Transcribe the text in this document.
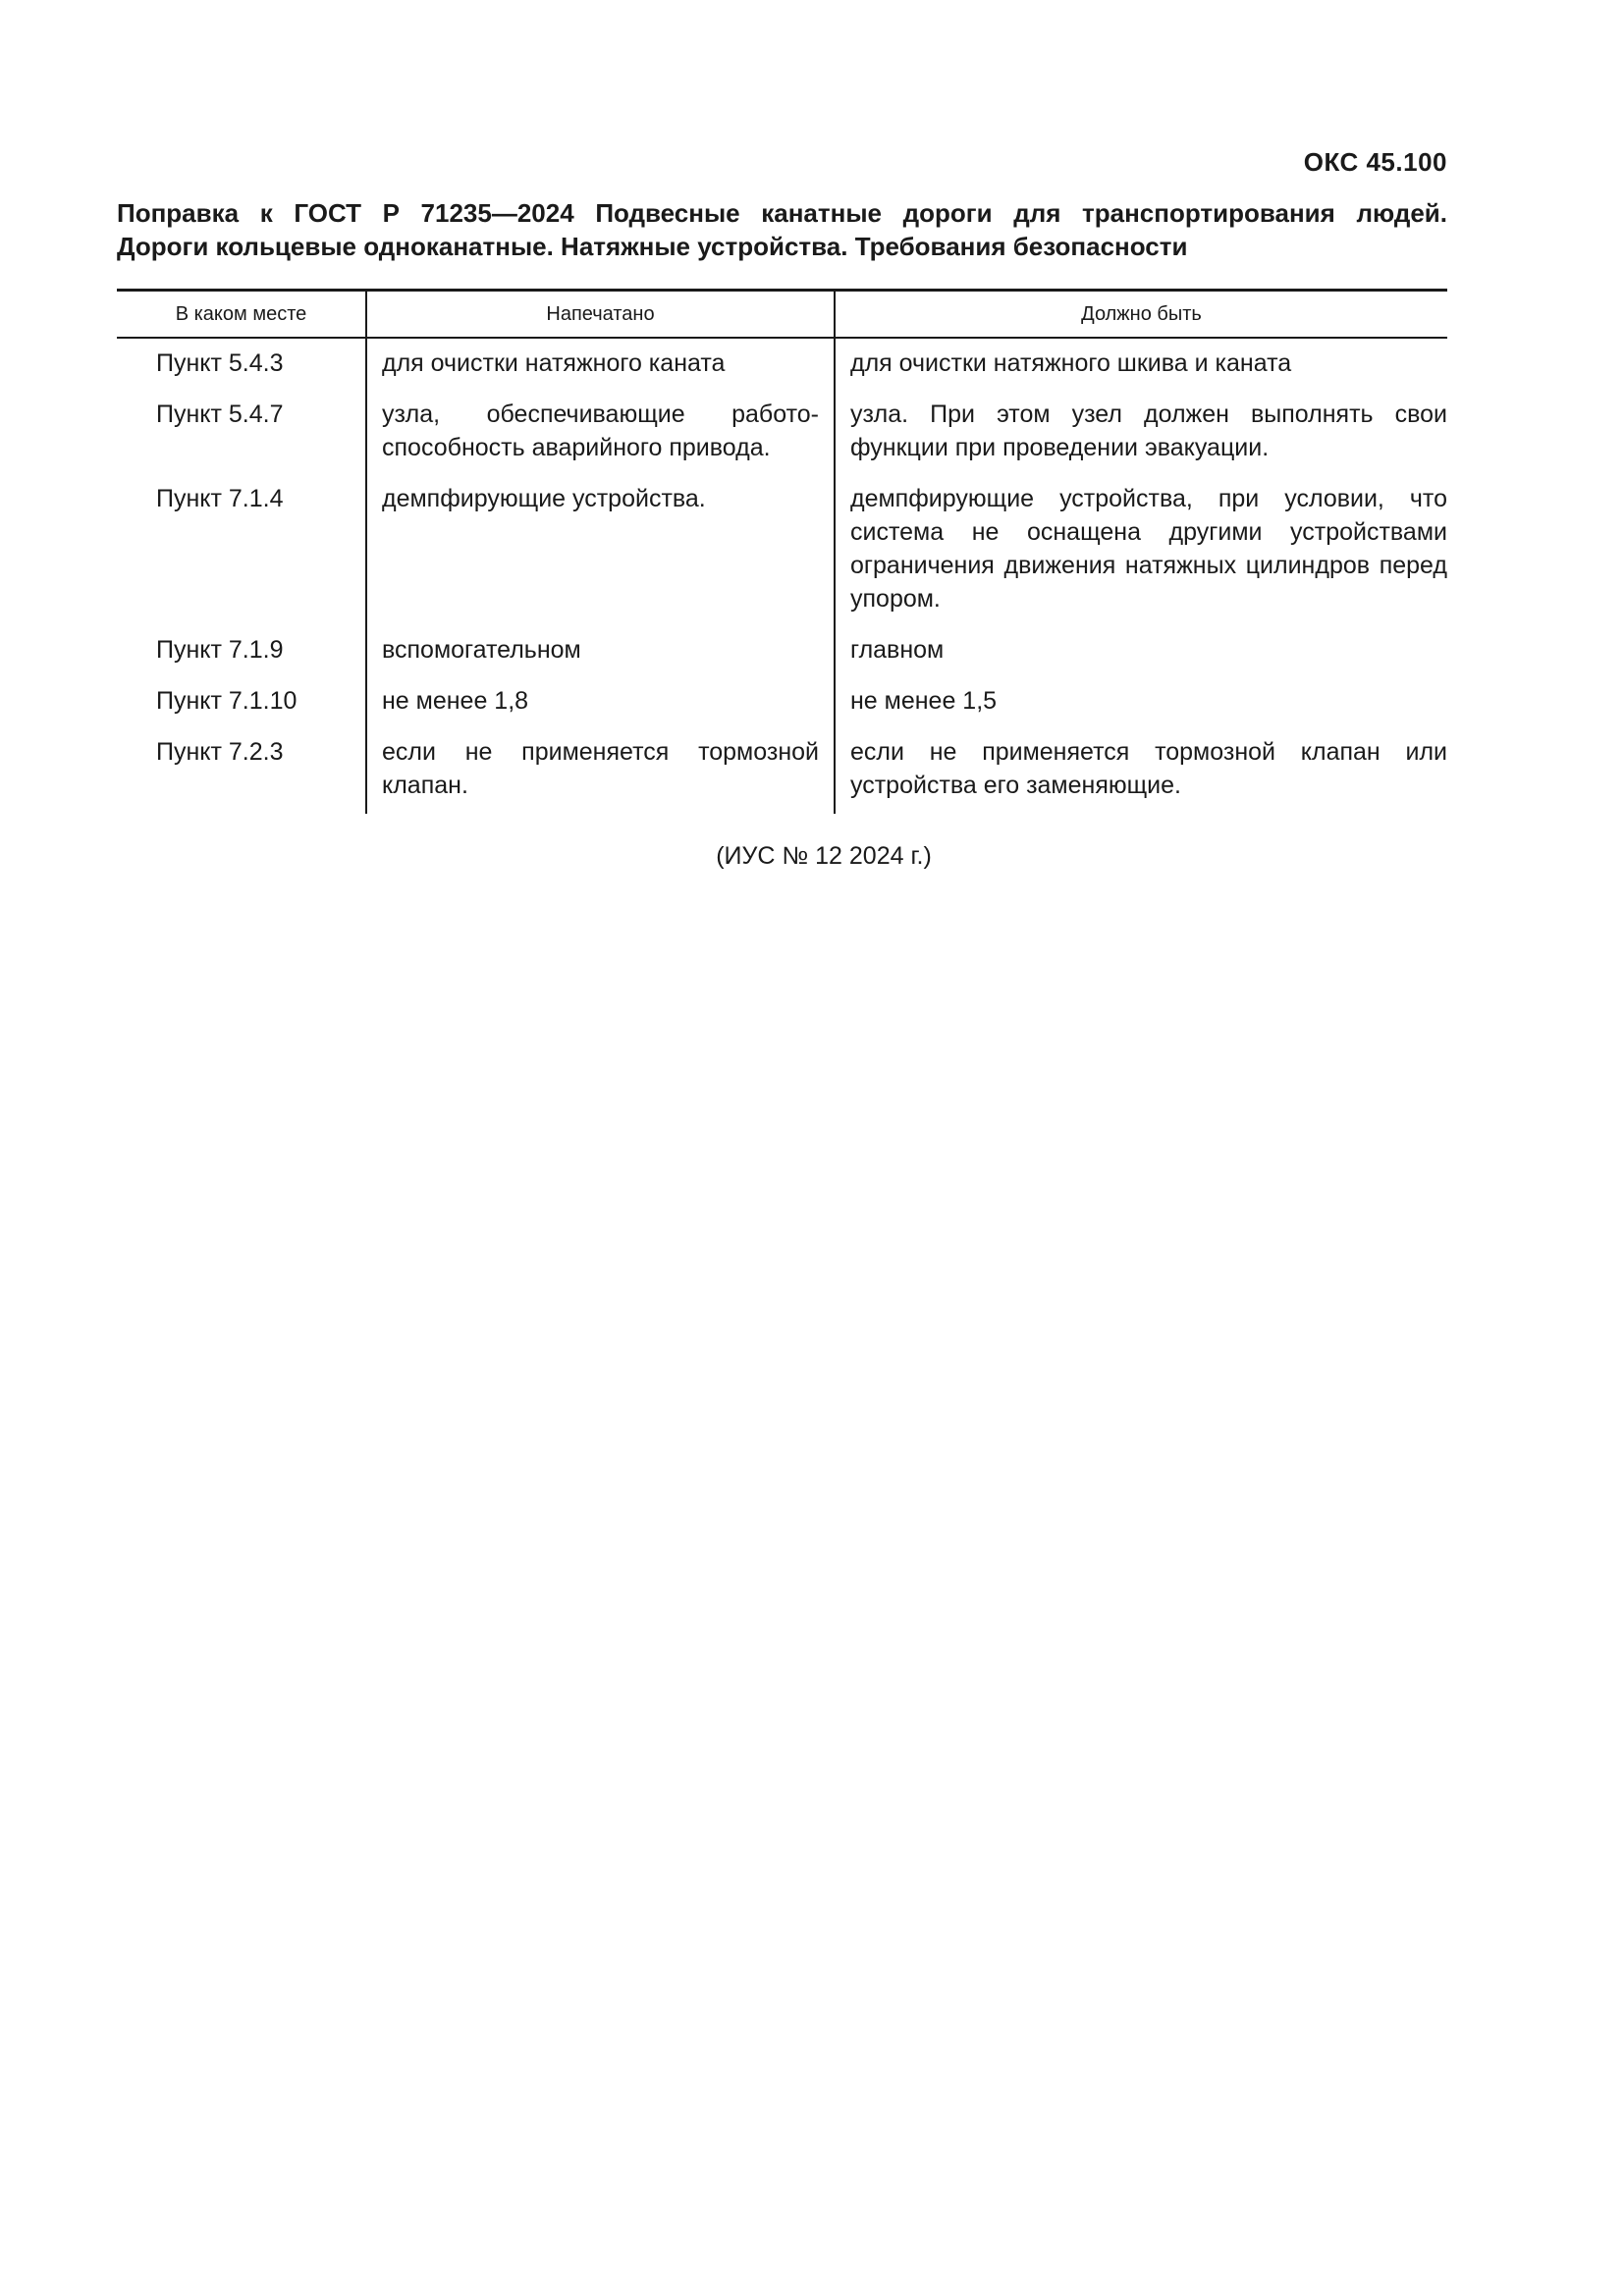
ОКС 45.100
Поправка к ГОСТ Р 71235—2024 Подвесные канатные дороги для транспортирования людей.
Дороги кольцевые одноканатные. Натяжные устройства. Требования безопасности
В каком месте	Напечатано	Должно быть
Пункт 5.4.3	для очистки натяжного каната	для очистки натяжного шкива и каната
Пункт 5.4.7	узла, обеспечивающие работо-способность аварийного привода.	узла. При этом узел должен выполнять свои функции при проведении эвакуации.
Пункт 7.1.4	демпфирующие устройства.	демпфирующие устройства, при условии, что система не оснащена другими устройствами ограничения движения натяжных цилиндров перед упором.
Пункт 7.1.9	вспомогательном	главном
Пункт 7.1.10	не менее 1,8	не менее 1,5
Пункт 7.2.3	если не применяется тормозной клапан.	если не применяется тормозной клапан или устройства его заменяющие.
(ИУС № 12 2024 г.)
